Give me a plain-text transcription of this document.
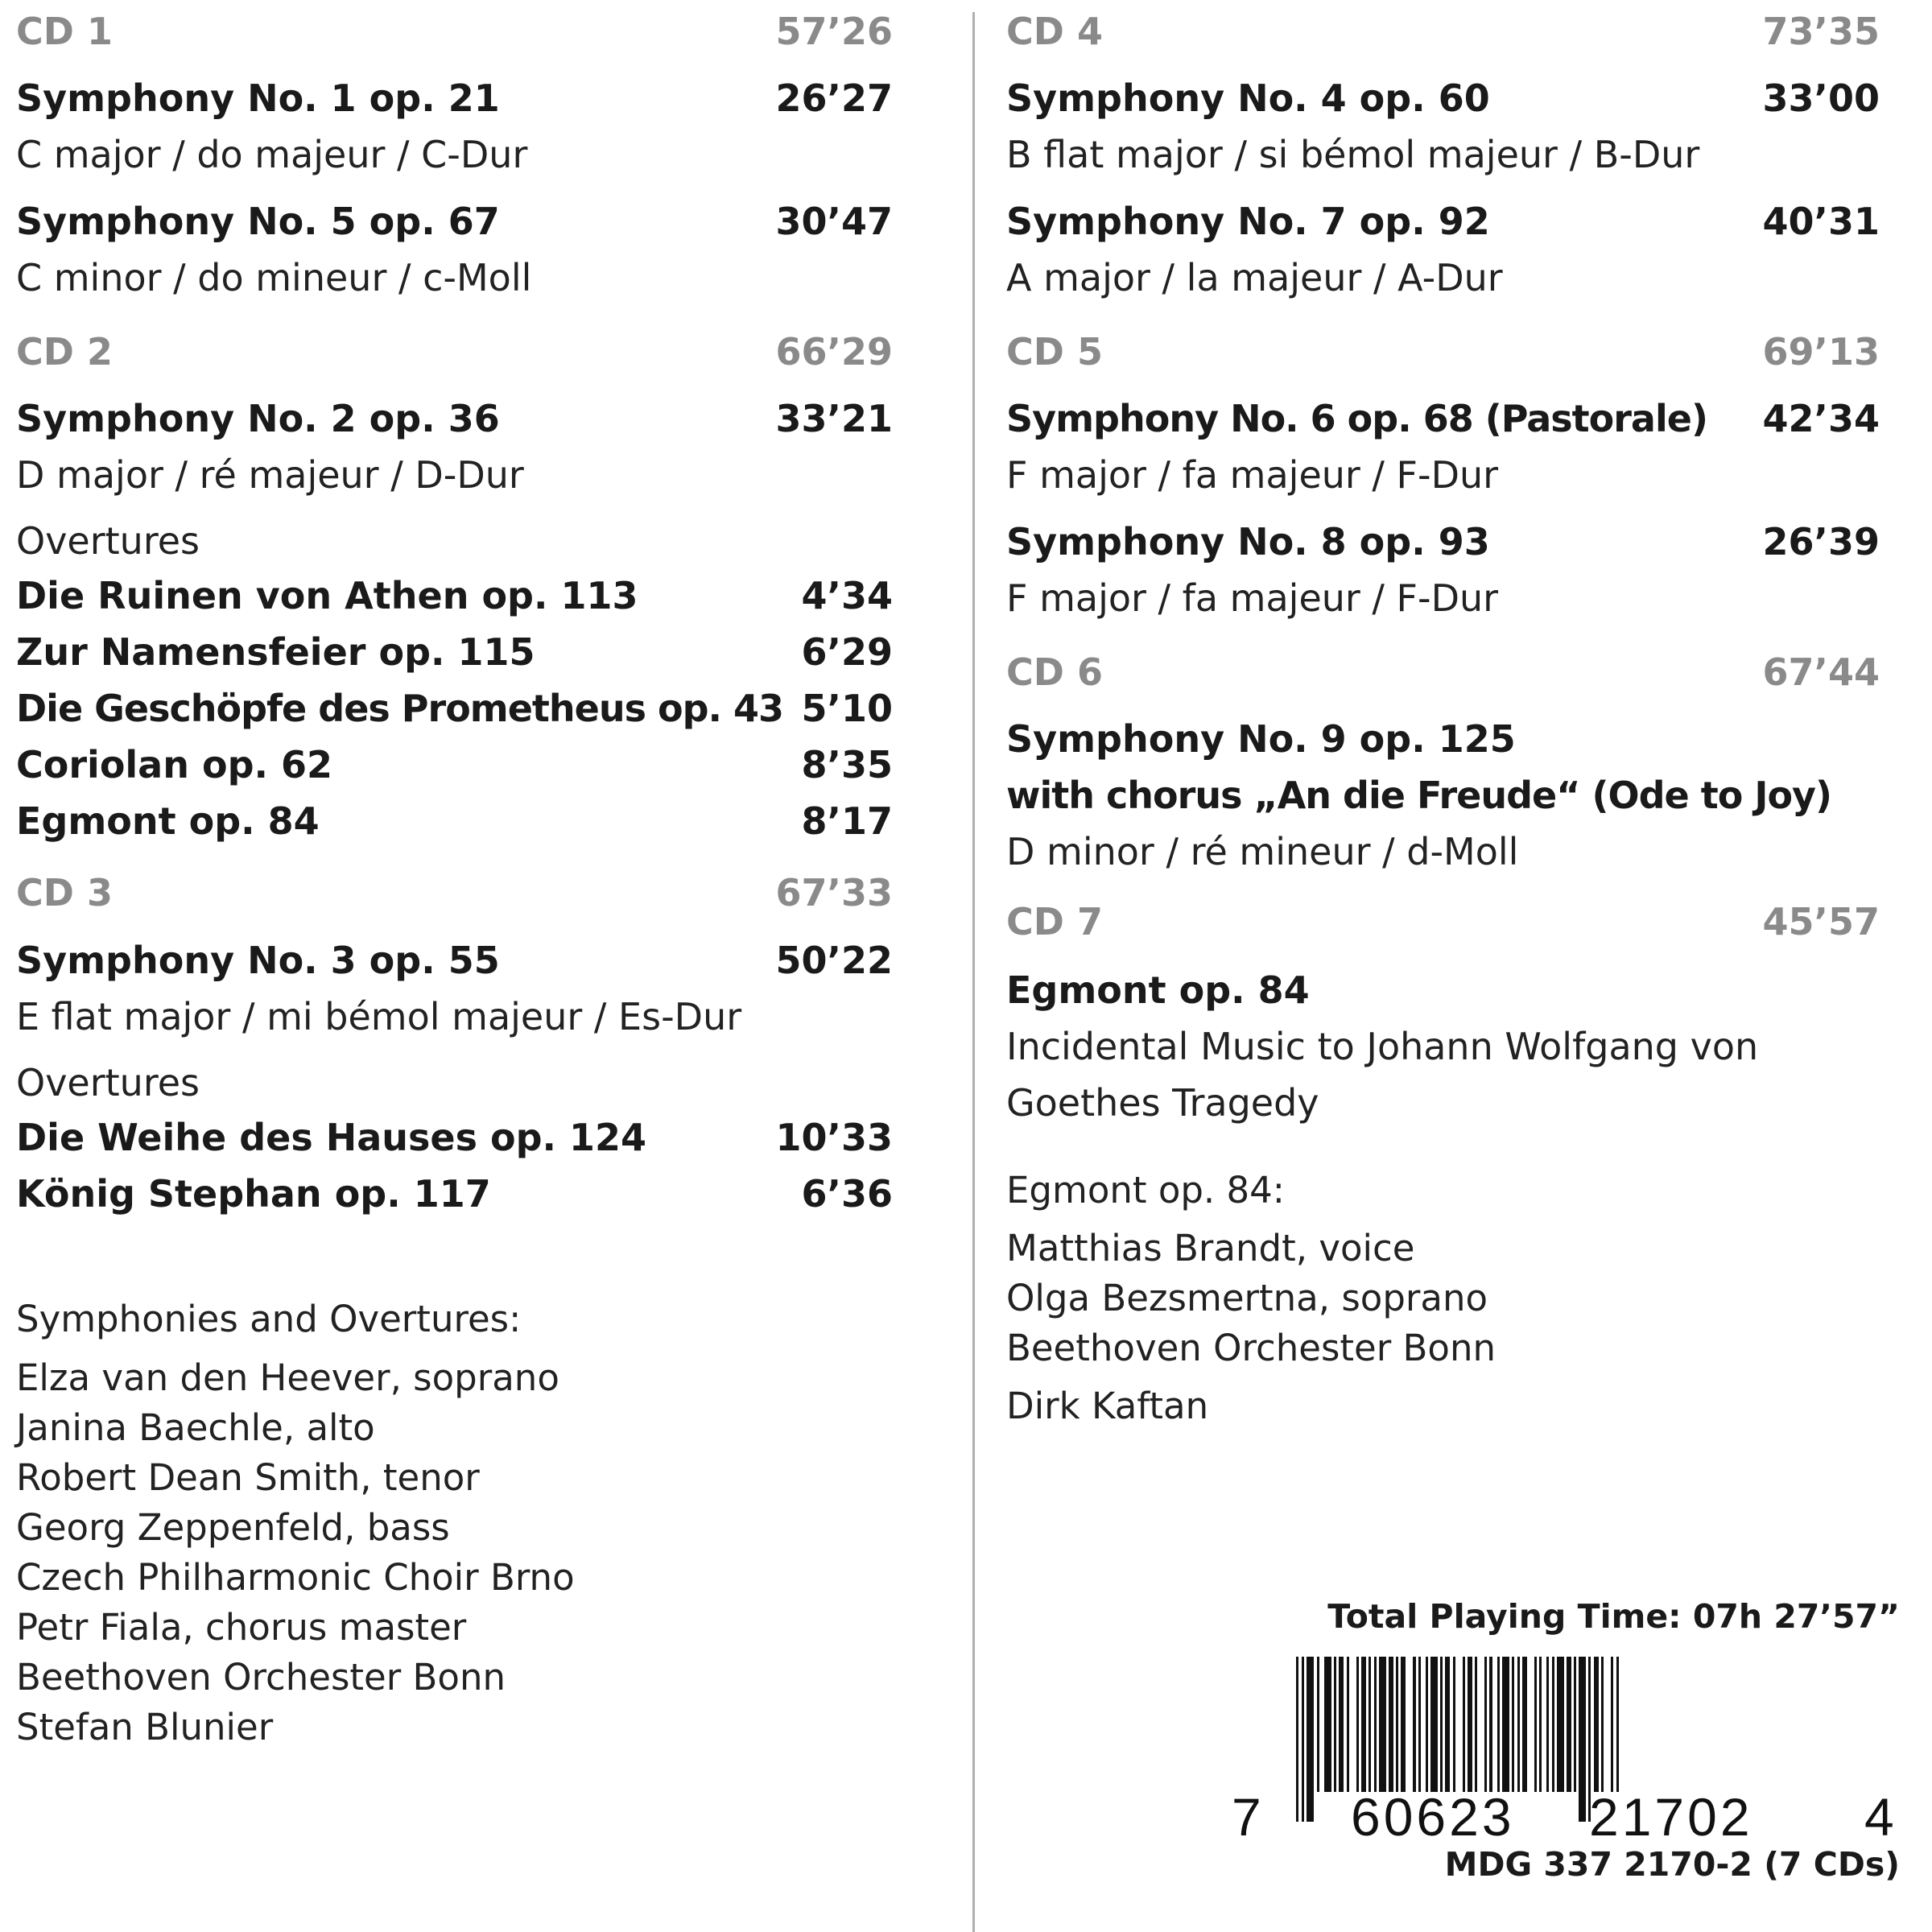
CD 1	57’26
Symphony No. 1 op. 21	26’27
C major / do majeur / C-Dur
Symphony No. 5 op. 67	30’47
C minor / do mineur / c-Moll
CD 2	66’29
Symphony No. 2 op. 36	33’21
D major / ré majeur / D-Dur
Overtures
Die Ruinen von Athen op. 113	4’34
Zur Namensfeier op. 115	6’29
Die Geschöpfe des Prometheus op. 43 5’10
Coriolan op. 62	8’35
Egmont op. 84	8’17
CD 3	67’33
Symphony No. 3 op. 55	50’22
E flat major / mi bémol majeur / Es-Dur
Overtures
Die Weihe des Hauses op. 124	10’33
König Stephan op. 117	6’36
Symphonies and Overtures:
Elza van den Heever, soprano
Janina Baechle, alto
Robert Dean Smith, tenor
Georg Zeppenfeld, bass
Czech Philharmonic Choir Brno
Petr Fiala, chorus master
Beethoven Orchester Bonn
Stefan Blunier
CD 4	73’35
Symphony No. 4 op. 60	33’00
B flat major / si bémol majeur / B-Dur
Symphony No. 7 op. 92	40’31
A major / la majeur / A-Dur
CD 5	69’13
Symphony No. 6 op. 68 (Pastorale) 42’34
F major / fa majeur / F-Dur
Symphony No. 8 op. 93	26’39
F major / fa majeur / F-Dur
CD 6	67’44
Symphony No. 9 op. 125
with chorus „An die Freude“ (Ode to Joy)
D minor / ré mineur / d-Moll
CD 7	45’57
Egmont op. 84
Incidental Music to Johann Wolfgang von
Goethes Tragedy
Egmont op. 84:
Matthias Brandt, voice
Olga Bezsmertna, soprano
Beethoven Orchester Bonn
Dirk Kaftan
Total Playing Time: 07h 27’57”
7 60623 21702 4
MDG 337 2170-2 (7 CDs)
